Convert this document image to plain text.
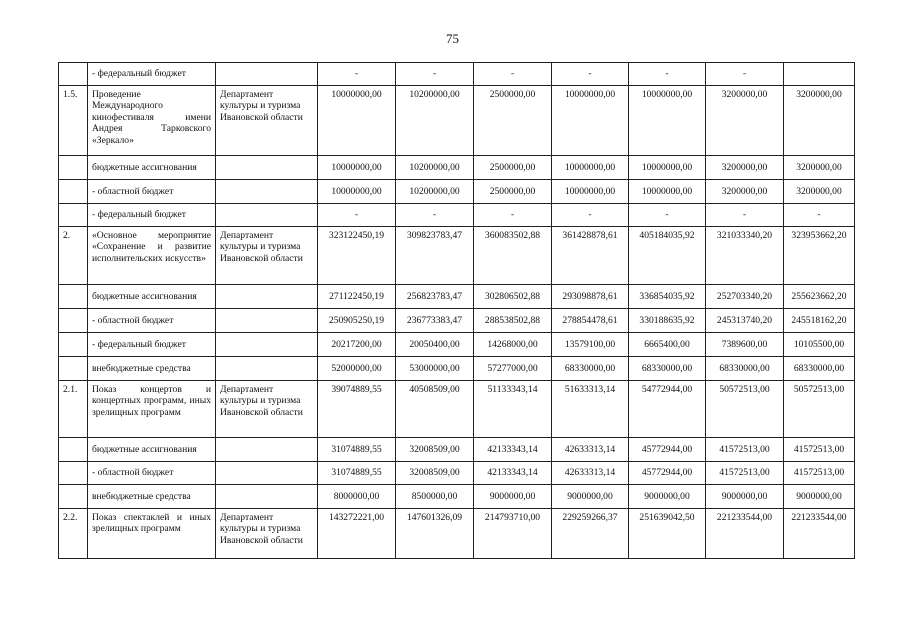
75

	- федеральный бюджет		-	-	-	-	-	-	
1.5.	Проведение Международного кинофестиваля имени Андрея Тарковского «Зеркало»	Департамент культуры и туризма Ивановской области	10000000,00	10200000,00	2500000,00	10000000,00	10000000,00	3200000,00	3200000,00

	бюджетные ассигнования		10000000,00	10200000,00	2500000,00	10000000,00	10000000,00	3200000,00	3200000,00

	- областной бюджет		10000000,00	10200000,00	2500000,00	10000000,00	10000000,00	3200000,00	3200000,00

	- федеральный бюджет		-	-	-	-	-	-	-
2.	«Основное мероприятие «Сохранение и развитие исполнительских искусств»	Департамент культуры и туризма Ивановской области	323122450,19	309823783,47	360083502,88	361428878,61	405184035,92	321033340,20	323953662,20

	бюджетные ассигнования		271122450,19	256823783,47	302806502,88	293098878,61	336854035,92	252703340,20	255623662,20

	- областной бюджет		250905250,19	236773383,47	288538502,88	278854478,61	330188635,92	245313740,20	245518162,20

	- федеральный бюджет		20217200,00	20050400,00	14268000,00	13579100,00	6665400,00	7389600,00	10105500,00

	внебюджетные средства		52000000,00	53000000,00	57277000,00	68330000,00	68330000,00	68330000,00	68330000,00
2.1.	Показ концертов и концертных программ, иных зрелищных программ	Департамент культуры и туризма Ивановской области	39074889,55	40508509,00	51133343,14	51633313,14	54772944,00	50572513,00	50572513,00

	бюджетные ассигнования		31074889,55	32008509,00	42133343,14	42633313,14	45772944,00	41572513,00	41572513,00

	- областной бюджет		31074889,55	32008509,00	42133343,14	42633313,14	45772944,00	41572513,00	41572513,00

	внебюджетные средства		8000000,00	8500000,00	9000000,00	9000000,00	9000000,00	9000000,00	9000000,00
2.2.	Показ спектаклей и иных зрелищных программ	Департамент культуры и туризма Ивановской области	143272221,00	147601326,09	214793710,00	229259266,37	251639042,50	221233544,00	221233544,00
